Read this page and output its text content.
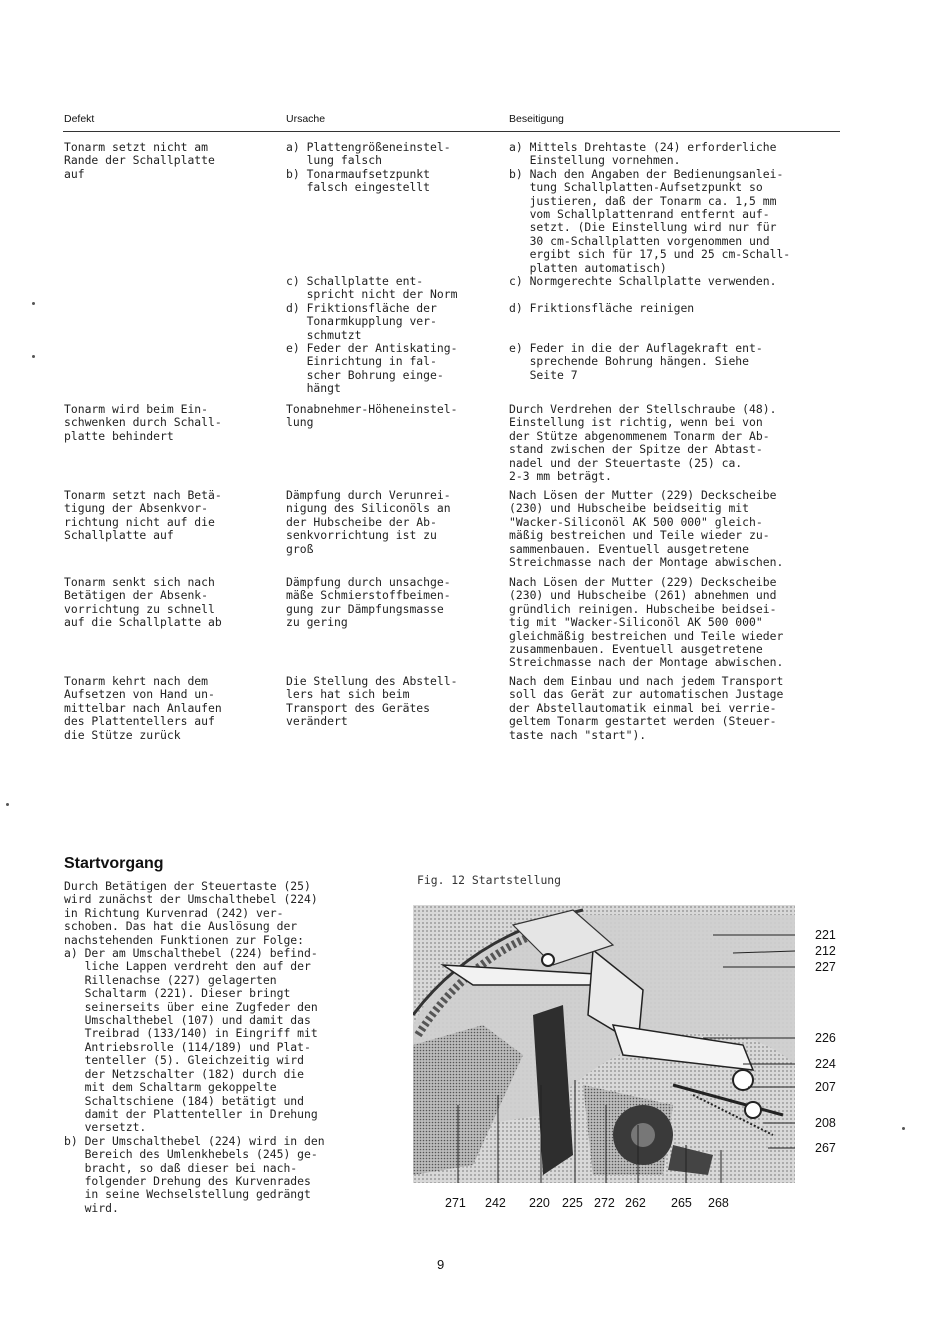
Defekt	Ursache	Beseitigung
Tonarm setzt nicht am
Rande der Schallplatte
auf
a) Plattengrößeneinstel-
lung falsch
b) Tonarmaufsetzpunkt
falsch eingestellt
a) Mittels Drehtaste (24) erforderliche
Einstellung vornehmen.
b) Nach den Angaben der Bedienungsanlei-
tung Schallplatten-Aufsetzpunkt so
justieren, daß der Tonarm ca. 1,5 mm
vom Schallplattenrand entfernt auf-
setzt. (Die Einstellung wird nur für
30 cm-Schallplatten vorgenommen und
ergibt sich für 17,5 und 25 cm-Schall-
platten automatisch)
c) Schallplatte ent-
spricht nicht der Norm
d) Friktionsfläche der
Tonarmkupplung ver-
schmutzt
e) Feder der Antiskating-
Einrichtung in fal-
scher Bohrung einge-
hängt
c) Normgerechte Schallplatte verwenden.
d) Friktionsfläche reinigen
e) Feder in die der Auflagekraft ent-
sprechende Bohrung hängen. Siehe
Seite 7
Tonarm wird beim Ein-
schwenken durch Schall-
platte behindert
Tonabnehmer-Höheneinstel-
lung
Durch Verdrehen der Stellschraube (48).
Einstellung ist richtig, wenn bei von
der Stütze abgenommenem Tonarm der Ab-
stand zwischen der Spitze der Abtast-
nadel und der Steuertaste (25) ca.
2-3 mm beträgt.
Tonarm setzt nach Betä-
tigung der Absenkvor-
richtung nicht auf die
Schallplatte auf
Dämpfung durch Verunrei-
nigung des Siliconöls an
der Hubscheibe der Ab-
senkvorrichtung ist zu
groß
Nach Lösen der Mutter (229) Deckscheibe
(230) und Hubscheibe beidseitig mit
"Wacker-Siliconöl AK 500 000" gleich-
mäßig bestreichen und Teile wieder zu-
sammenbauen. Eventuell ausgetretene
Streichmasse nach der Montage abwischen.
Tonarm senkt sich nach
Betätigen der Absenk-
vorrichtung zu schnell
auf die Schallplatte ab
Dämpfung durch unsachge-
mäße Schmierstoffbeimen-
gung zur Dämpfungsmasse
zu gering
Nach Lösen der Mutter (229) Deckscheibe
(230) und Hubscheibe (261) abnehmen und
gründlich reinigen. Hubscheibe beidsei-
tig mit "Wacker-Siliconöl AK 500 000"
gleichmäßig bestreichen und Teile wieder
zusammenbauen. Eventuell ausgetretene
Streichmasse nach der Montage abwischen.
Tonarm kehrt nach dem
Aufsetzen von Hand un-
mittelbar nach Anlaufen
des Plattentellers auf
die Stütze zurück
Die Stellung des Abstell-
lers hat sich beim
Transport des Gerätes
verändert
Nach dem Einbau und nach jedem Transport
soll das Gerät zur automatischen Justage
der Abstellautomatik einmal bei verrie-
geltem Tonarm gestartet werden (Steuer-
taste nach "start").
Startvorgang
Durch Betätigen der Steuertaste (25)
wird zunächst der Umschalthebel (224)
in Richtung Kurvenrad (242) ver-
schoben. Das hat die Auslösung der
nachstehenden Funktionen zur Folge:
a) Der am Umschalthebel (224) befind-
liche Lappen verdreht den auf der
Rillenachse (227) gelagerten
Schaltarm (221). Dieser bringt
seinerseits über eine Zugfeder den
Umschalthebel (107) und damit das
Treibrad (133/140) in Eingriff mit
Antriebsrolle (114/189) und Plat-
tenteller (5). Gleichzeitig wird
der Netzschalter (182) durch die
mit dem Schaltarm gekoppelte
Schaltschiene (184) betätigt und
damit der Plattenteller in Drehung
versetzt.
b) Der Umschalthebel (224) wird in den
Bereich des Umlenkhebels (245) ge-
bracht, so daß dieser bei nach-
folgender Drehung des Kurvenrades
in seine Wechselstellung gedrängt
wird.
Fig. 12 Startstellung
221
212
227
226
224
207
208
267
271 242 220 225 272 262 265 268
9
